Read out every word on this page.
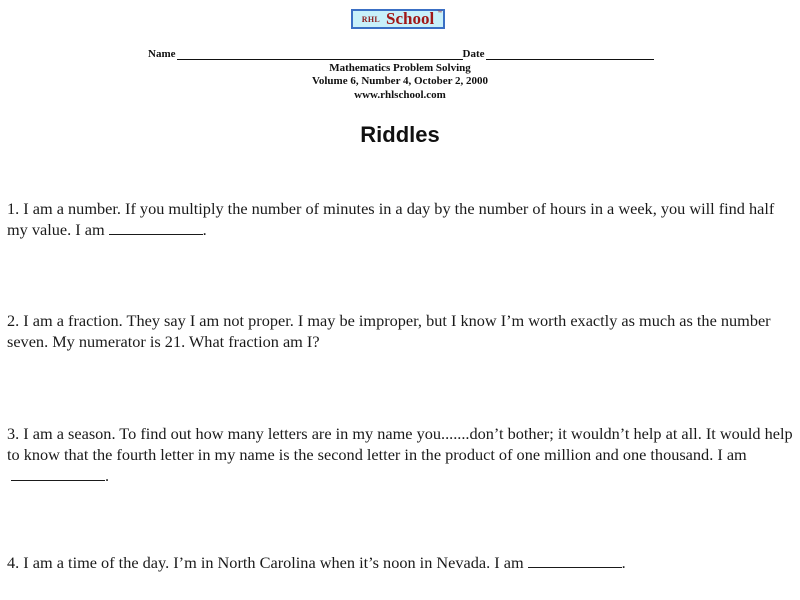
RHL School ™
Name	Date
Mathematics Problem Solving
Volume 6, Number 4, October 2, 2000
www.rhlschool.com
Riddles
1. I am a number. If you multiply the number of minutes in a day by the number of hours in a week, you will find half my value. I am	.
2. I am a fraction. They say I am not proper. I may be improper, but I know I’m worth exactly as much as the number seven. My numerator is 21. What fraction am I?
3. I am a season. To find out how many letters are in my name you.......don’t bother; it wouldn’t help at all. It would help to know that the fourth letter in my name is the second letter in the product of one million and one thousand. I am.
4. I am a time of the day. I’m in North Carolina when it’s noon in Nevada. I am	.
